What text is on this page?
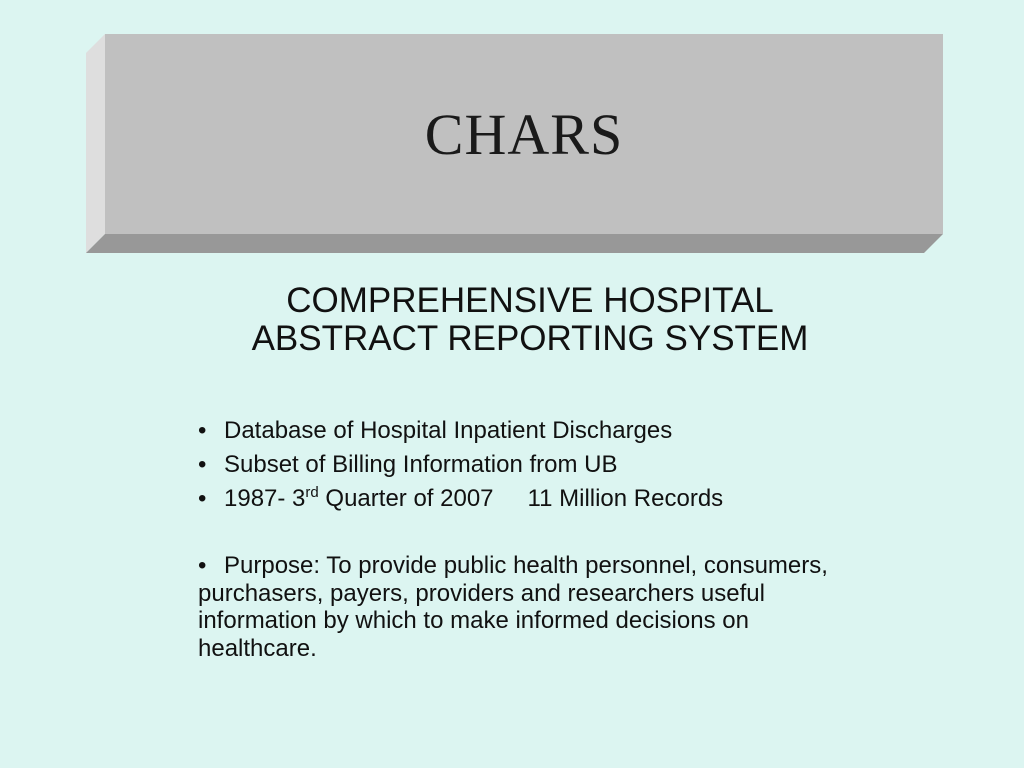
CHARS
COMPREHENSIVE HOSPITAL
ABSTRACT REPORTING SYSTEM
• Database of Hospital Inpatient Discharges
• Subset of Billing Information from UB
• 1987- 3rd Quarter of 2007 11 Million Records
• Purpose: To provide public health personnel, consumers, purchasers, payers, providers and researchers useful information by which to make informed decisions on healthcare.
